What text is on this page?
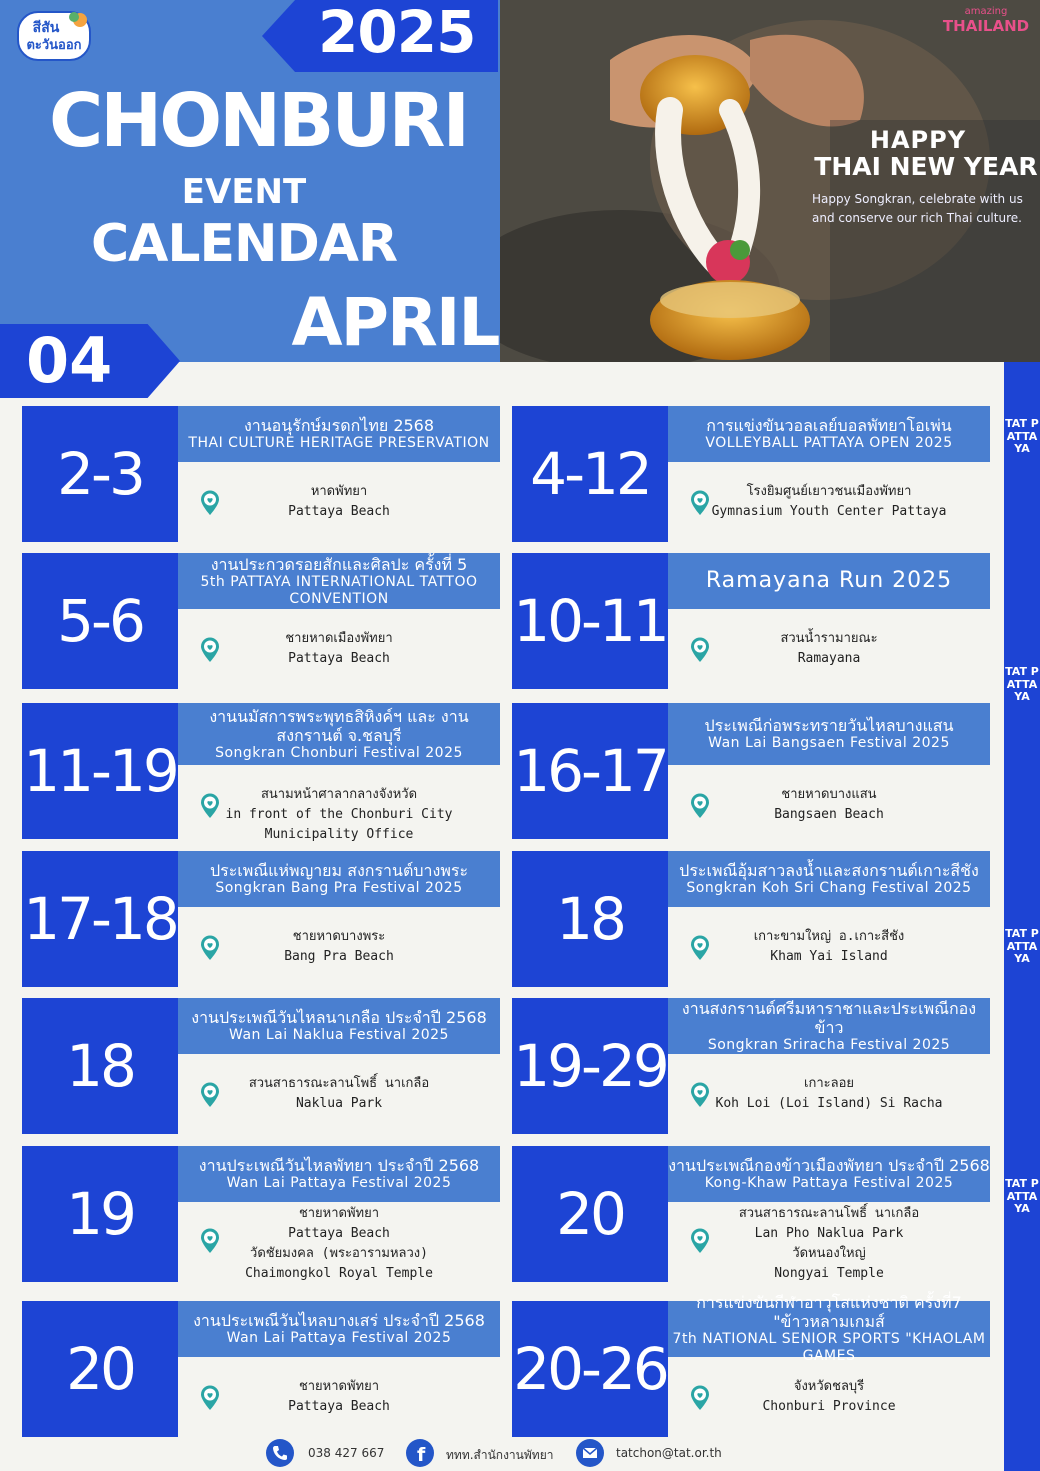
2025
สีสัน
ตะวันออก
CHONBURI
EVENT
CALENDAR
APRIL
04
amazing
THAILAND
HAPPY
THAI NEW YEAR
Happy Songkran, celebrate with us and conserve our rich Thai culture.
TAT PATTAYA
TAT PATTAYA
TAT PATTAYA
TAT PATTAYA
2-3
งานอนุรักษ์มรดกไทย 2568
THAI CULTURE HERITAGE PRESERVATION
หาดพัทยา
Pattaya Beach
5-6
งานประกวดรอยสักและศิลปะ ครั้งที่ 5
5th PATTAYA INTERNATIONAL TATTOO CONVENTION
ชายหาดเมืองพัทยา
Pattaya Beach
11-19
งานนมัสการพระพุทธสิหิงค์ฯ และ งานสงกรานต์ จ.ชลบุรี
Songkran Chonburi Festival 2025
สนามหน้าศาลากลางจังหวัด
in front of the Chonburi City Municipality Office
17-18
ประเพณีแห่พญายม สงกรานต์บางพระ
Songkran Bang Pra Festival 2025
ชายหาดบางพระ
Bang Pra Beach
18
งานประเพณีวันไหลนาเกลือ ประจำปี 2568
Wan Lai Naklua Festival 2025
สวนสาธารณะลานโพธิ์ นาเกลือ
Naklua Park
19
งานประเพณีวันไหลพัทยา ประจำปี 2568
Wan Lai Pattaya Festival 2025
ชายหาดพัทยา
Pattaya Beach
วัดชัยมงคล (พระอารามหลวง)
Chaimongkol Royal Temple
20
งานประเพณีวันไหลบางเสร่ ประจำปี 2568
Wan Lai Pattaya Festival 2025
ชายหาดพัทยา
Pattaya Beach
4-12
การแข่งขันวอลเลย์บอลพัทยาโอเพ่น
VOLLEYBALL PATTAYA OPEN 2025
โรงยิมศูนย์เยาวชนเมืองพัทยา
Gymnasium Youth Center Pattaya
10-11
Ramayana Run 2025
สวนน้ำรามายณะ
Ramayana
16-17
ประเพณีก่อพระทรายวันไหลบางแสน
Wan Lai Bangsaen Festival 2025
ชายหาดบางแสน
Bangsaen Beach
18
ประเพณีอุ้มสาวลงน้ำและสงกรานต์เกาะสีชัง
Songkran Koh Sri Chang Festival 2025
เกาะขามใหญ่ อ.เกาะสีชัง
Kham Yai Island
19-29
งานสงกรานต์ศรีมหาราชาและประเพณีกองข้าว
Songkran Sriracha Festival 2025
เกาะลอย
Koh Loi (Loi Island) Si Racha
20
งานประเพณีกองข้าวเมืองพัทยา ประจำปี 2568
Kong-Khaw Pattaya Festival 2025
สวนสาธารณะลานโพธิ์ นาเกลือ
Lan Pho Naklua Park
วัดหนองใหญ่
Nongyai Temple
20-26
การแข่งขันกีฬาอาวุโสแห่งชาติ ครั้งที่7 "ข้าวหลามเกมส์
7th NATIONAL SENIOR SPORTS "KHAOLAM GAMES
จังหวัดชลบุรี
Chonburi Province
038 427 667 f ททท.สำนักงานพัทยา	tatchon@tat.or.th
